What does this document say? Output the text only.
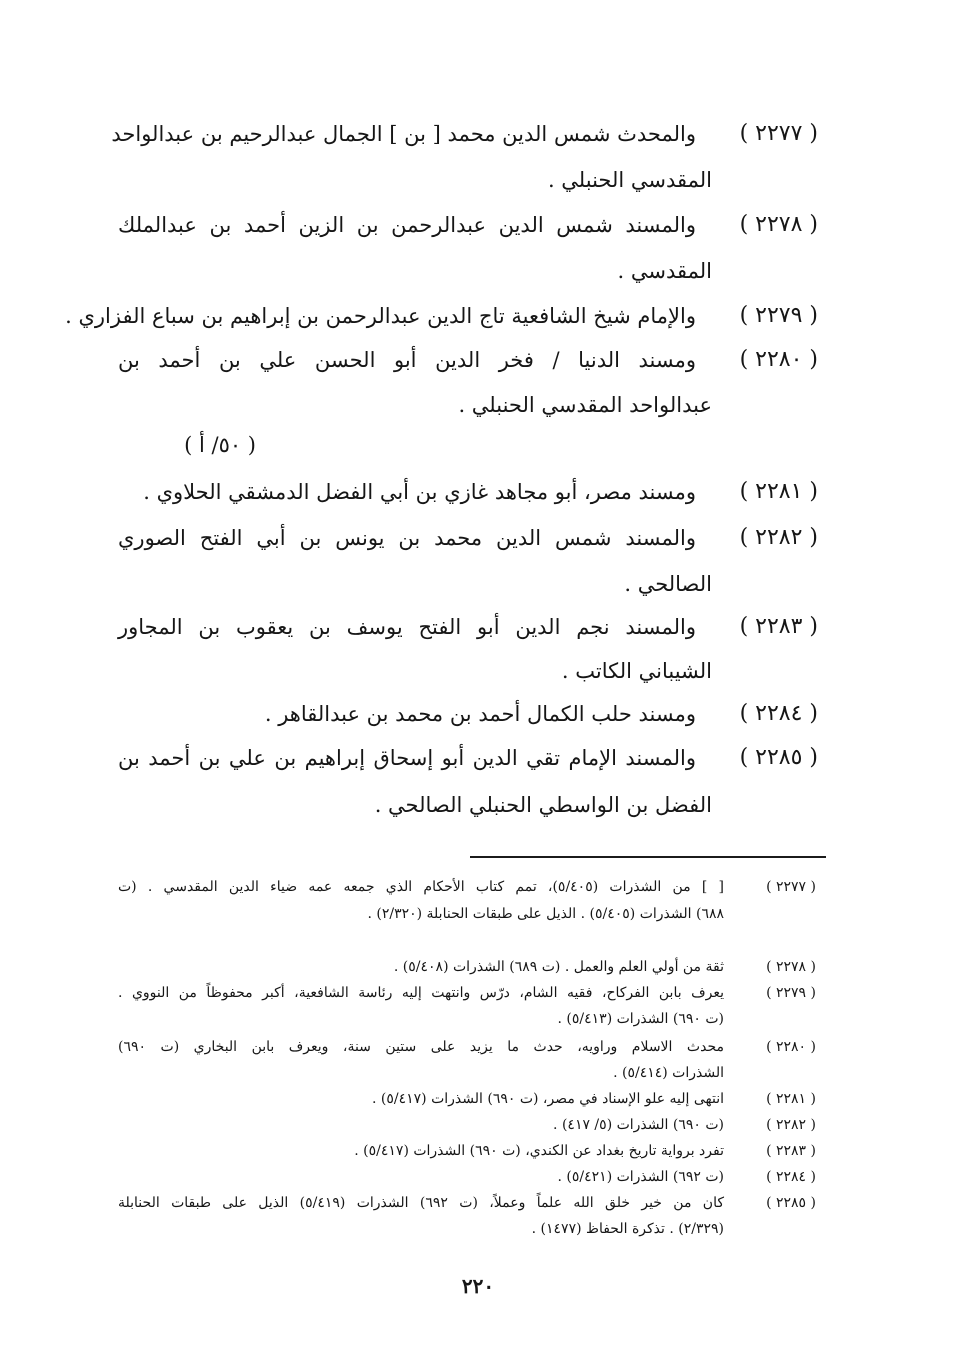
( ٢٢٧٧ )
والمحدث شمس الدين محمد [ بن ] الجمال عبدالرحيم بن عبدالواحد
المقدسي الحنبلي .
( ٢٢٧٨ )
والمسند شمس الدين عبدالرحمن بن الزين أحمد بن عبدالملك
المقدسي .
( ٢٢٧٩ )
والإمام شيخ الشافعية تاج الدين عبدالرحمن بن إبراهيم بن سباع الفزاري .
( ٢٢٨٠ )
ومسند الدنيا / فخر الدين أبو الحسن علي بن أحمد بن
عبدالواحد المقدسي الحنبلي .
( ٥٠/ أ )
( ٢٢٨١ )
ومسند مصر، أبو مجاهد غازي بن أبي الفضل الدمشقي الحلاوي .
( ٢٢٨٢ )
والمسند شمس الدين محمد بن يونس بن أبي الفتح الصوري
الصالحي .
( ٢٢٨٣ )
والمسند نجم الدين أبو الفتح يوسف بن يعقوب بن المجاور
الشيباني الكاتب .
( ٢٢٨٤ )
ومسند حلب الكمال أحمد بن محمد بن عبدالقاهر .
( ٢٢٨٥ )
والمسند الإمام تقي الدين أبو إسحاق إبراهيم بن علي بن أحمد بن
الفضل بن الواسطي الحنبلي الصالحي .
( ٢٢٧٧ )
[ ] من الشذرات (٥/٤٠٥)، تمم كتاب الأحكام الذي جمعه عمه ضياء الدين المقدسي . (ت
٦٨٨) الشذرات (٥/٤٠٥) . الذيل على طبقات الحنابلة (٢/٣٢٠) .
( ٢٢٧٨ )
ثقة من أولي العلم والعمل . (ت ٦٨٩) الشذرات (٥/٤٠٨) .
( ٢٢٧٩ )
يعرف بابن الفركاح، فقيه الشام، درّس وانتهت إليه رئاسة الشافعية، أكبر محفوظاً من النووي .
(ت ٦٩٠) الشذرات (٥/٤١٣) .
( ٢٢٨٠ )
محدث الاسلام وراويه، حدث ما يزيد على ستين سنة، ويعرف بابن البخاري (ت ٦٩٠)
الشذرات (٥/٤١٤) .
( ٢٢٨١ )
انتهى إليه علو الإسناد في مصر، (ت ٦٩٠) الشذرات (٥/٤١٧) .
( ٢٢٨٢ )
(ت ٦٩٠) الشذرات (٥/ ٤١٧) .
( ٢٢٨٣ )
تفرد برواية تاريخ بغداد عن الكندي، (ت ٦٩٠) الشذرات (٥/٤١٧) .
( ٢٢٨٤ )
(ت ٦٩٢) الشذرات (٥/٤٢١) .
( ٢٢٨٥ )
كان من خير خلق الله علماً وعملاً، (ت ٦٩٢) الشذرات (٥/٤١٩) الذيل على طبقات الحنابلة
(٢/٣٢٩) . تذكرة الحفاظ (١٤٧٧) .
٢٢٠
